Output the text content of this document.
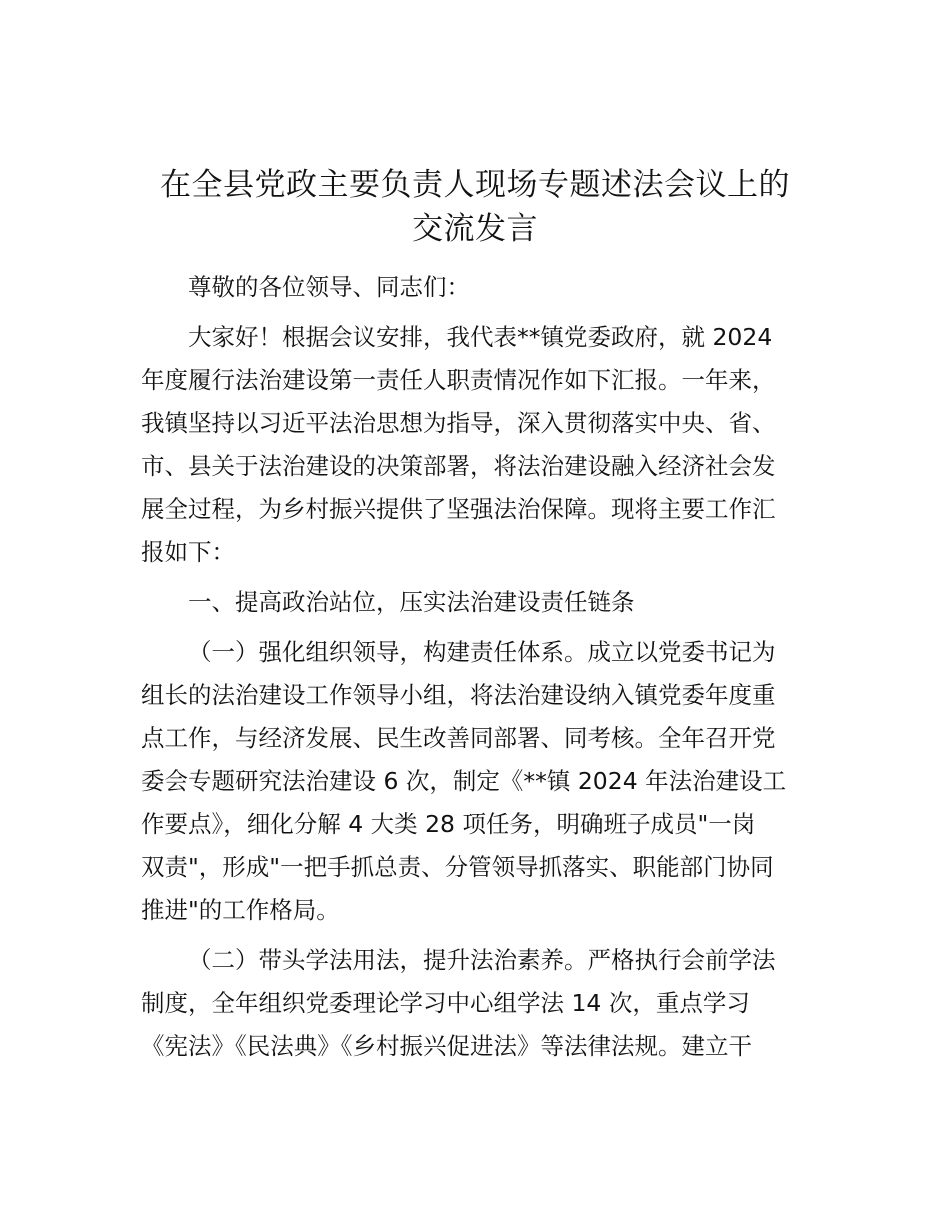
在全县党政主要负责人现场专题述法会议上的
交流发言
尊敬的各位领导、同志们：
大家好！根据会议安排，我代表**镇党委政府，就 2024
年度履行法治建设第一责任人职责情况作如下汇报。一年来，
我镇坚持以习近平法治思想为指导，深入贯彻落实中央、省、
市、县关于法治建设的决策部署，将法治建设融入经济社会发
展全过程，为乡村振兴提供了坚强法治保障。现将主要工作汇
报如下：
一、提高政治站位，压实法治建设责任链条
（一）强化组织领导，构建责任体系。成立以党委书记为
组长的法治建设工作领导小组，将法治建设纳入镇党委年度重
点工作，与经济发展、民生改善同部署、同考核。全年召开党
委会专题研究法治建设 6 次，制定《**镇 2024 年法治建设工
作要点》，细化分解 4 大类 28 项任务，明确班子成员"一岗
双责"，形成"一把手抓总责、分管领导抓落实、职能部门协同
推进"的工作格局。
（二）带头学法用法，提升法治素养。严格执行会前学法
制度，全年组织党委理论学习中心组学法 14 次，重点学习
《宪法》《民法典》《乡村振兴促进法》等法律法规。建立干
